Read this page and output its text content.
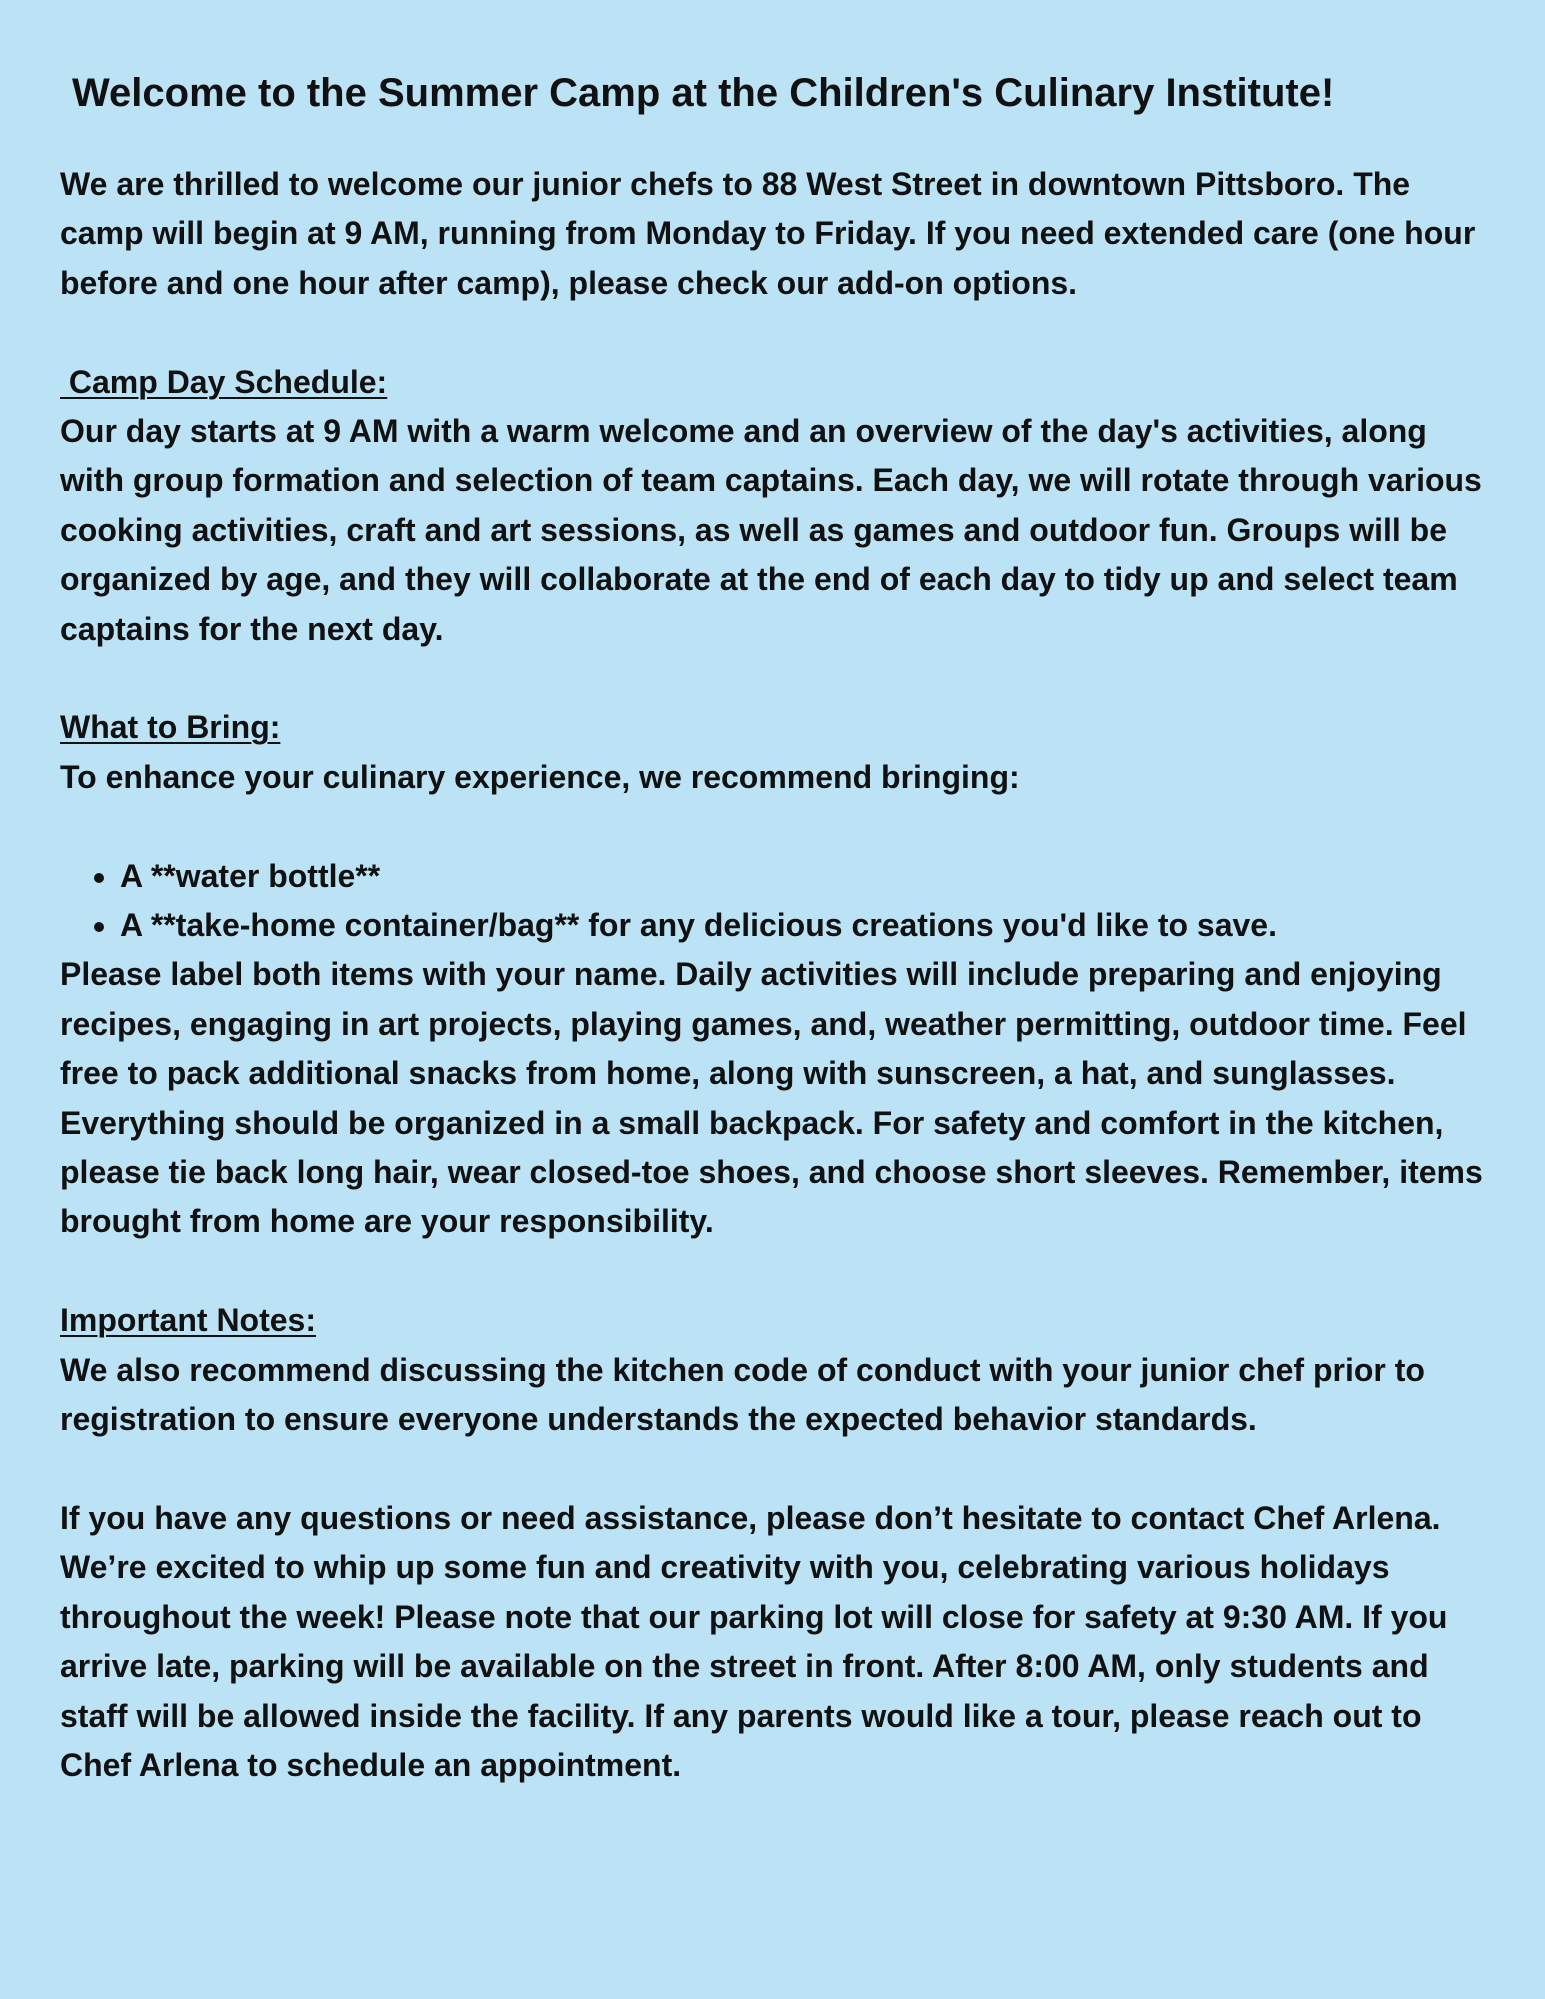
Welcome to the Summer Camp at the Children's Culinary Institute!

We are thrilled to welcome our junior chefs to 88 West Street in downtown Pittsboro. The camp will begin at 9 AM, running from Monday to Friday. If you need extended care (one hour before and one hour after camp), please check our add-on options.

Camp Day Schedule:

Our day starts at 9 AM with a warm welcome and an overview of the day's activities, along with group formation and selection of team captains. Each day, we will rotate through various cooking activities, craft and art sessions, as well as games and outdoor fun. Groups will be organized by age, and they will collaborate at the end of each day to tidy up and select team captains for the next day.

What to Bring:

To enhance your culinary experience, we recommend bringing:

• A **water bottle**
• A **take-home container/bag** for any delicious creations you'd like to save.

Please label both items with your name. Daily activities will include preparing and enjoying recipes, engaging in art projects, playing games, and, weather permitting, outdoor time. Feel free to pack additional snacks from home, along with sunscreen, a hat, and sunglasses. Everything should be organized in a small backpack. For safety and comfort in the kitchen, please tie back long hair, wear closed-toe shoes, and choose short sleeves. Remember, items brought from home are your responsibility.

Important Notes:

We also recommend discussing the kitchen code of conduct with your junior chef prior to registration to ensure everyone understands the expected behavior standards.

If you have any questions or need assistance, please don’t hesitate to contact Chef Arlena. We’re excited to whip up some fun and creativity with you, celebrating various holidays throughout the week! Please note that our parking lot will close for safety at 9:30 AM. If you arrive late, parking will be available on the street in front. After 8:00 AM, only students and staff will be allowed inside the facility. If any parents would like a tour, please reach out to Chef Arlena to schedule an appointment.
